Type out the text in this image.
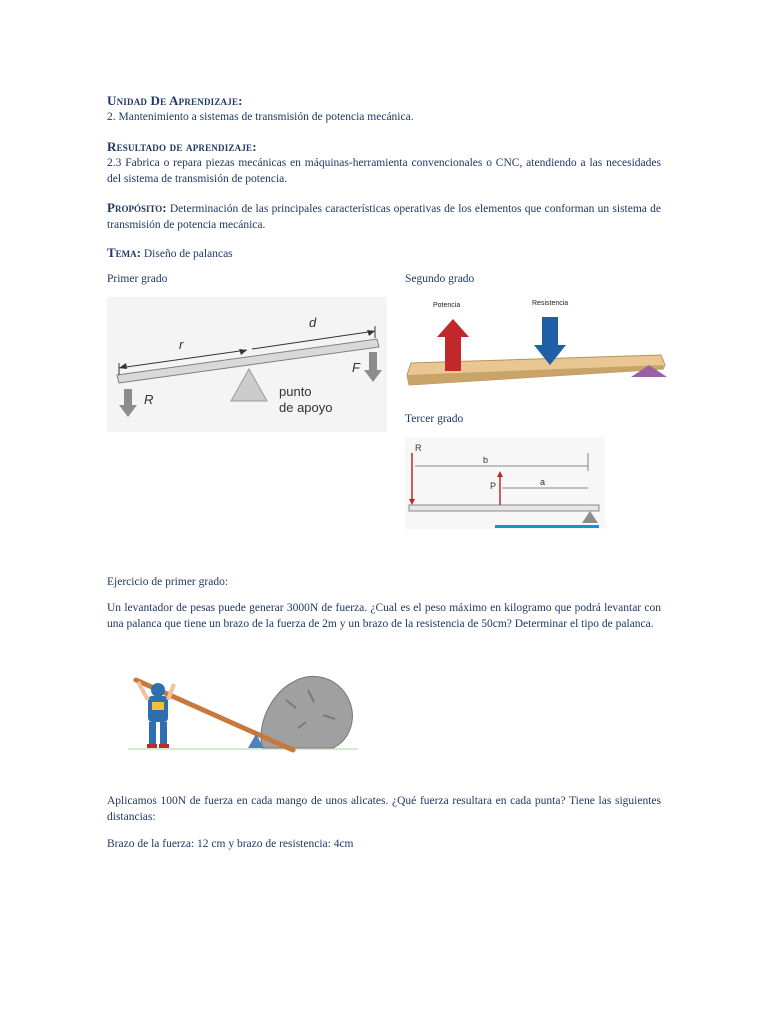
Unidad De Aprendizaje:
2. Mantenimiento a sistemas de transmisión de potencia mecánica.
Resultado de aprendizaje:
2.3 Fabrica o repara piezas mecánicas en máquinas-herramienta convencionales o CNC, atendiendo a las necesidades del sistema de transmisión de potencia.
Propósito: Determinación de las principales características operativas de los elementos que conforman un sistema de transmisión de potencia mecánica.
Tema: Diseño de palancas
Primer grado	Segundo grado
Tercer grado
r
d
R
F
punto
de apoyo
Potencia	Resistencia
R
b
P	a
Ejercicio de primer grado:
Un levantador de pesas puede generar 3000N de fuerza. ¿Cual es el peso máximo en kilogramo que podrá levantar con una palanca que tiene un brazo de la fuerza de 2m y un brazo de la resistencia de 50cm? Determinar el tipo de palanca.
Aplicamos 100N de fuerza en cada mango de unos alicates. ¿Qué fuerza resultara en cada punta? Tiene las siguientes distancias:
Brazo de la fuerza: 12 cm y brazo de resistencia: 4cm
